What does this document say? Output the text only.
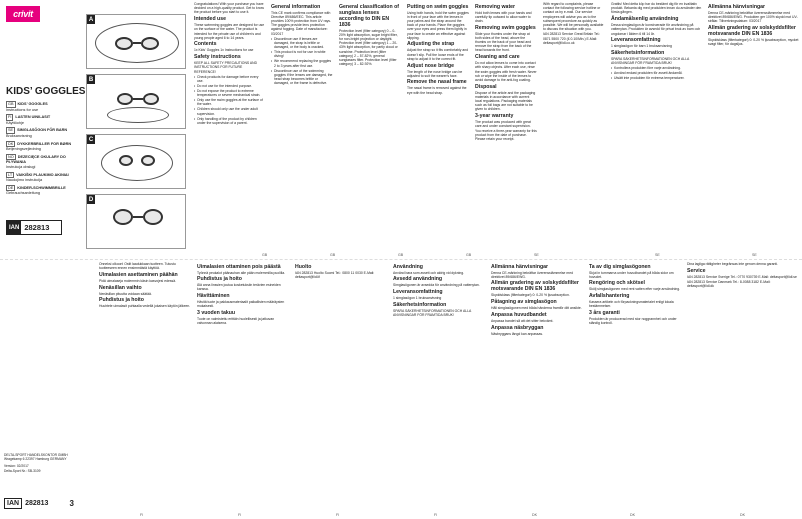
crivit
KIDS’ GOGGLES
GB KIDS’ GOGGLES
Instructions for use
FI LASTEN UINILASIT
Käyttöohje
SE SIMGLASÖGON FÖR BARN
Bruksanvisning
DK DYKKERBRILLER FOR BØRN
Betjeningsvejledning
NO DEZECIĘCE OKULARY DO PŁYWANIA
Instrukcja obsługi
LT VAIKIŠKI PLAUKIMO AKINIAI
Naudojimo instrukcija
DE KINDER-SCHWIMMBRILLE
Gebrauchsanleitung
IAN 282813
A
B
C
D

Congratulations! With your purchase you have decided on a high-quality product. Get to know the product before you start to use it.

Intended use

These swimming goggles are designed for use on the surface of the water. The product is intended for the private use of children's and young people aged 6 to 14 years.

Contents

1x Kids' Goggles 1x Instructions for use

Safety instructions

KEEP ALL SAFETY PRECAUTIONS AND INSTRUCTIONS FOR FUTURE REFERENCE!

• Check products for damage before every use.
• Do not use for the intended purpose.
• Do not expose the product to extreme temperatures or severe mechanical strain.
• Only use the swim goggles at the surface of the water.
• Children should only use the under adult supervision.
• Only handling of the product by children under the supervision of a parent.
General information

This CE mark confirms compliance with Directive 89/686/EEC. This article provides 100% protection from UV rays. The goggles provide lens protection against fogging. Date of manufacture: 03/2017

• Discontinue use if lenses are damaged, the strap is brittle or damaged, or the body is cracked.
• This product is not for use in white diving!
• We recommend replacing the goggles 2 to 3 years after first use.
• Discontinue use of the swimming goggles if the lenses are damaged, the head strap becomes brittle or damaged, or the frame is defective.
General classification of sunglass lenses according to DIN EN 1836

Protection level (filter category) 0 – 0-20% light absorption, sugar bright filter, for non-bright projection or daylight. Protection level (filter category) 1 – 20-43% light absorption, for partly cloud or sunshine. Protection level (filter category) 2 – 57-82%, general sunglasses filter. Protection level (filter category) 3 – 82-92%.

Putting on swim goggles

Using both hands, hold the swim goggles in front of your face with the lenses in your palms and the strap around the back of your hands. Place the goggles over your eyes and press them lightly in your face to create an effective against slipping.

Adjusting the strap

Adjust the strap so it fits comfortably and doesn't slip. Pull the loose ends of the strap to adjust it to the correct fit.

Adjust nose bridge

The length of the nose bridge can be adjusted to suit the wearer's face.

Remove the nasal frame

The nasal frame is removed against the eye with the head strap.

Removing water

Hold both lenses with your hands and carefully tip outward to allow water to drain.

Removing swim goggles

Slide your thumbs under the strap at both sides of the head, above the thumbs on the back of your head and remove the strap from the back of the head towards the front.

Cleaning and care

Do not allow lenses to come into contact with sharp objects. After each use, rinse the swim goggles with fresh water. Never rub or wipe the inside of the lenses to avoid damage to the anti-fog coating.

Disposal

Dispose of the article and the packaging materials in accordance with current local regulations. Packaging materials such as foil bags are not suitable to be given to children.

3-year warranty

The product was produced with great care and under constant supervision. You receive a three-year warranty for this product from the date of purchase. Please retain your receipt.

With regard to complaints, please contact the following service hotline or contact us by e-mail. Our service employees will advise you as to the subsequent procedure as quickly as possible. We will be personally available to discuss the situation with you.

IAN 282813 Service Great Britain Tel.: 0871 5500 720 (£ 0.10/Min.) E-Mail: deltasport@lidl.co.uk

Grattis! Med detta köp har du bestämt dig för en kvalitativ produkt. Bekanta dig med produkten innan du använder den första gången.

Ändamålsenlig användning

Dessa simglasögon är konstruerade för användning på vattenytan. Produkten är avsedd för privat bruk av barn och ungdomar i åldern 6 till 14 år.

Leveransomfattning

1 simglasögon för barn 1 bruksanvisning

Säkerhetsinformation

SPARA SÄKERHETSINFORMATIONEN OCH ALLA ANVISNINGAR FÖR FRAMTIDA BRUK!

• Kontrollera produkten före varje användning.
• Använd endast produkten för avsett ändamål.
• Utsätt inte produkten för extrema temperaturer.
Allmänna hänvisningar

Denna CE-märkning bekräftar överensstämmelse med direktivet 89/686/EWG. Produkten ger 100% skydd mot UV-strålar. Tillverkningsdatum: 03/2017

Allmän gradering av solskyddsfilter motsvarande DIN EN 1836

Skyddsklass (filterkategori) 0: 0-20 % ljusabsorption, mycket svagt filter, för dagsljus.

GB	GB	GB	GB	SE	SE	SE

DELTA-SPORT HANDELSKONTOR GMBH Wragekamp 6 22397 Hamburg GERMANY

Version: 02/2017

Delta-Sport Nr.: SB-3109

IAN 282813	3

Onneksi olkoon! Ostit laadukkaan tuotteen. Tutustu tuotteeseen ennen ensimmäistä käyttöä.

Uimalasien asettaminen päähän

Pidä uimalaseja molemmin käsin kasvojesi edessä.

Nenäsillan vaihto

Nenäsillan pituutta voidaan säätää.

Puhdistus ja hoito

Huuhtele uimalasit puhtaalla vedellä jokaisen käytön jälkeen.

Uimalasien ottaminen pois päästä

Työnnä peukalot päänauhan alle pään molemmilla puolilla.

Puhdistus ja hoito

Älä anna linssien joutua kosketuksiin terävien esineiden kanssa.

Hävittäminen

Hävitä tuote ja pakkausmateriaalit paikallisten määräysten mukaisesti.

3 vuoden takuu

Tuote on valmistettu erittäin huolellisesti ja jatkuvan valvonnan alaisena.

Huolto

IAN 282813 Huolto Suomi Tel.: 0800 11 0030 E-Mail: deltasport@lidl.fi

Användning

Använd bara som avsett och aldrig vid dykning.

Avsedd användning

Simglasögonen är avsedda för användning på vattenytan.

Leveransomfattning

1 simglasögon 1 bruksanvisning

Säkerhetsinformation

SPARA SÄKERHETSINFORMATIONEN OCH ALLA ANVISNINGAR FÖR FRAMTIDA BRUK!

Allmänna hänvisningar

Denna CE-märkning bekräftar överensstämmelse med direktivet 89/686/EWG.

Allmän gradering av solskyddsfilter motsvarande DIN EN 1836

Skyddsklass (filterkategori) 0: 0-20 % ljusabsorption.

Påtagning av simglasögon

Håll simglasögonen med båda händerna framför ditt ansikte.

Anpassa huvudbandet

Anpassa bandet så att det sitter bekvämt.

Anpassa näsbryggan

Näsbryggans längd kan anpassas.

Ta av dig simglasögonen

Skjut in tummarna under huvudbandet på båda sidor om huvudet.

Rengöring och skötsel

Skölj simglasögonen med rent vatten efter varje användning.

Avfallshantering

Kassera artikeln och förpackningsmaterialet enligt lokala bestämmelser.

3 års garanti

Produkten är producerad med stor noggrannhet och under ständig kontroll.

Dina lagliga rättigheter begränsas inte genom denna garanti.

Service

IAN 282813 Service Sverige Tel.: 0770 930739 E-Mail: deltasport@lidl.se

IAN 282813 Service Danmark Tel.: 8-0088 3182 E-Mail: deltasport@lidl.dk

FI	FI	FI	FI	DK	DK	DK
